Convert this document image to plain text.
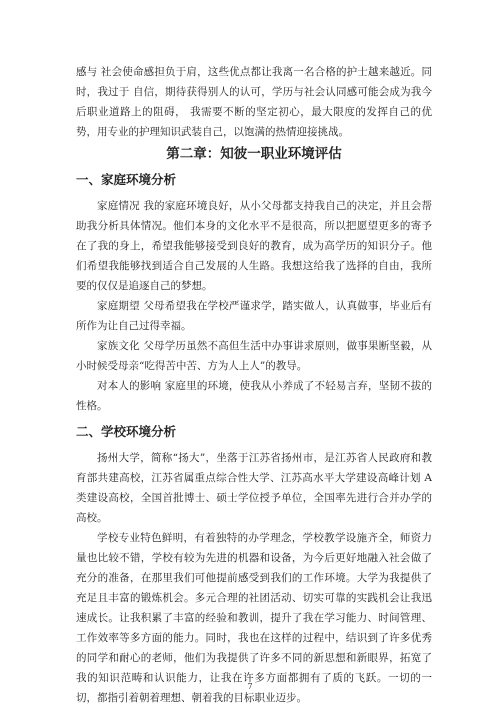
感与 社会使命感担负于肩，这些优点都让我离一名合格的护士越来越近。同时，我过于 自信，期待获得别人的认可，学历与社会认同感可能会成为我今后职业道路上的阻碍， 我需要不断的坚定初心，最大限度的发挥自己的优势，用专业的护理知识武装自己，以饱满的热情迎接挑战。

第二章：知彼一职业环境评估
一、家庭环境分析

家庭情况 我的家庭环境良好，从小父母都支持我自己的决定，并且会帮助我分析具体情况。他们本身的文化水平不是很高，所以把愿望更多的寄予在了我的身上，希望我能够接受到良好的教育，成为高学历的知识分子。他们希望我能够找到适合自己发展的人生路。我想这给我了选择的自由，我所要的仅仅是追逐自己的梦想。

家庭期望 父母希望我在学校严谨求学，踏实做人，认真做事，毕业后有所作为让自己过得幸福。

家族文化 父母学历虽然不高但生活中办事讲求原则，做事果断坚毅，从小时候受母亲“吃得苦中苦、方为人上人”的教导。

对本人的影响 家庭里的环境，使我从小养成了不轻易言弃，坚韧不拔的性格。

二、学校环境分析

扬州大学，简称“扬大”，坐落于江苏省扬州市，是江苏省人民政府和教育部共建高校，江苏省属重点综合性大学、江苏高水平大学建设高峰计划 A 类建设高校，全国首批博士、硕士学位授予单位，全国率先进行合并办学的高校。

学校专业特色鲜明，有着独特的办学理念，学校教学设施齐全，师资力量也比较不错，学校有较为先进的机器和设备，为今后更好地融入社会做了充分的准备，在那里我们可他提前感受到我们的工作环境。大学为我提供了充足且丰富的锻炼机会。多元合理的社团活动、切实可靠的实践机会让我迅速成长。让我积累了丰富的经验和教训，提升了我在学习能力、时间管理、工作效率等多方面的能力。同时，我也在这样的过程中，结识到了许多优秀的同学和耐心的老师，他们为我提供了许多不同的新思想和新眼界，拓宽了我的知识范畴和认识能力，让我在许多方面都拥有了质的飞跃。一切的一切，都指引着朝着理想、朝着我的目标职业迈步。

7
